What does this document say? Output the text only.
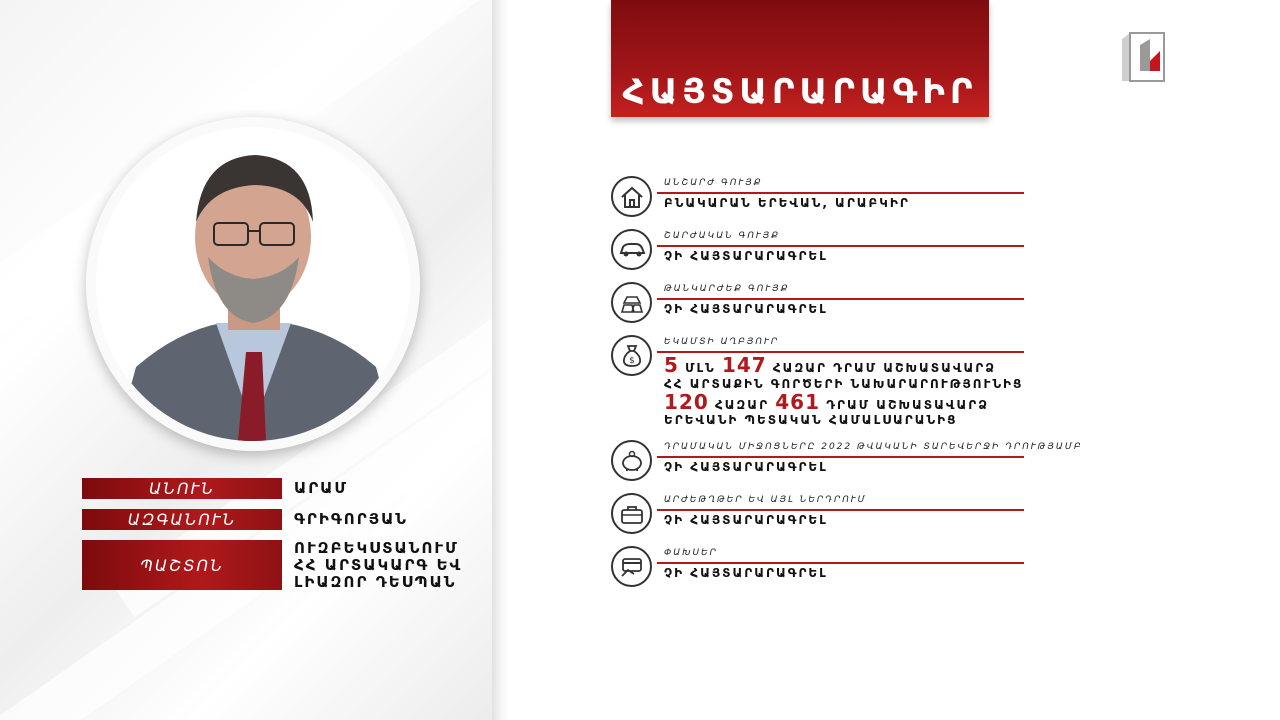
ԱՆՈՒՆ	ԱՐԱՄ
ԱԶԳԱՆՈՒՆ	ԳՐԻԳՈՐՅԱՆ
ՊԱՇՏՈՆ
ՈՒԶԲԵԿՍՏԱՆՈՒՄ
ՀՀ ԱՐՏԱԿԱՐԳ ԵՎ
ԼԻԱԶՈՐ ԴԵՍՊԱՆ
ՀԱՅՏԱՐԱՐԱԳԻՐ
ԱՆՇԱՐԺ ԳՈՒՅՔ
ԲՆԱԿԱՐԱՆ ԵՐԵՎԱՆ, ԱՐԱԲԿԻՐ
ՇԱՐԺԱԿԱՆ ԳՈՒՅՔ
ՉԻ ՀԱՅՏԱՐԱՐԱԳՐԵԼ
ԹԱՆԿԱՐԺԵՔ ԳՈՒՅՔ
ՉԻ ՀԱՅՏԱՐԱՐԱԳՐԵԼ
$
ԵԿԱՄՏԻ ԱՂԲՅՈՒՐ
5 ՄԼՆ 147 ՀԱԶԱՐ ԴՐԱՄ ԱՇԽԱՏԱՎԱՐՁ
ՀՀ ԱՐՏԱՔԻՆ ԳՈՐԾԵՐԻ ՆԱԽԱՐԱՐՈՒԹՅՈՒՆԻՑ
120 ՀԱԶԱՐ 461 ԴՐԱՄ ԱՇԽԱՏԱՎԱՐՁ
ԵՐԵՎԱՆԻ ՊԵՏԱԿԱՆ ՀԱՄԱԼՍԱՐԱՆԻՑ
ԴՐԱՄԱԿԱՆ ՄԻՋՈՑՆԵՐԸ 2022 ԹՎԱԿԱՆԻ ՏԱՐԵՎԵՐՋԻ ԴՐՈՒԹՅԱՄԲ
ՉԻ ՀԱՅՏԱՐԱՐԱԳՐԵԼ
ԱՐԺԵԹՂԹԵՐ ԵՎ ԱՅԼ ՆԵՐԴՐՈՒՄ
ՉԻ ՀԱՅՏԱՐԱՐԱԳՐԵԼ
ՓԱԽՍԵՐ
ՉԻ ՀԱՅՏԱՐԱՐԱԳՐԵԼ
